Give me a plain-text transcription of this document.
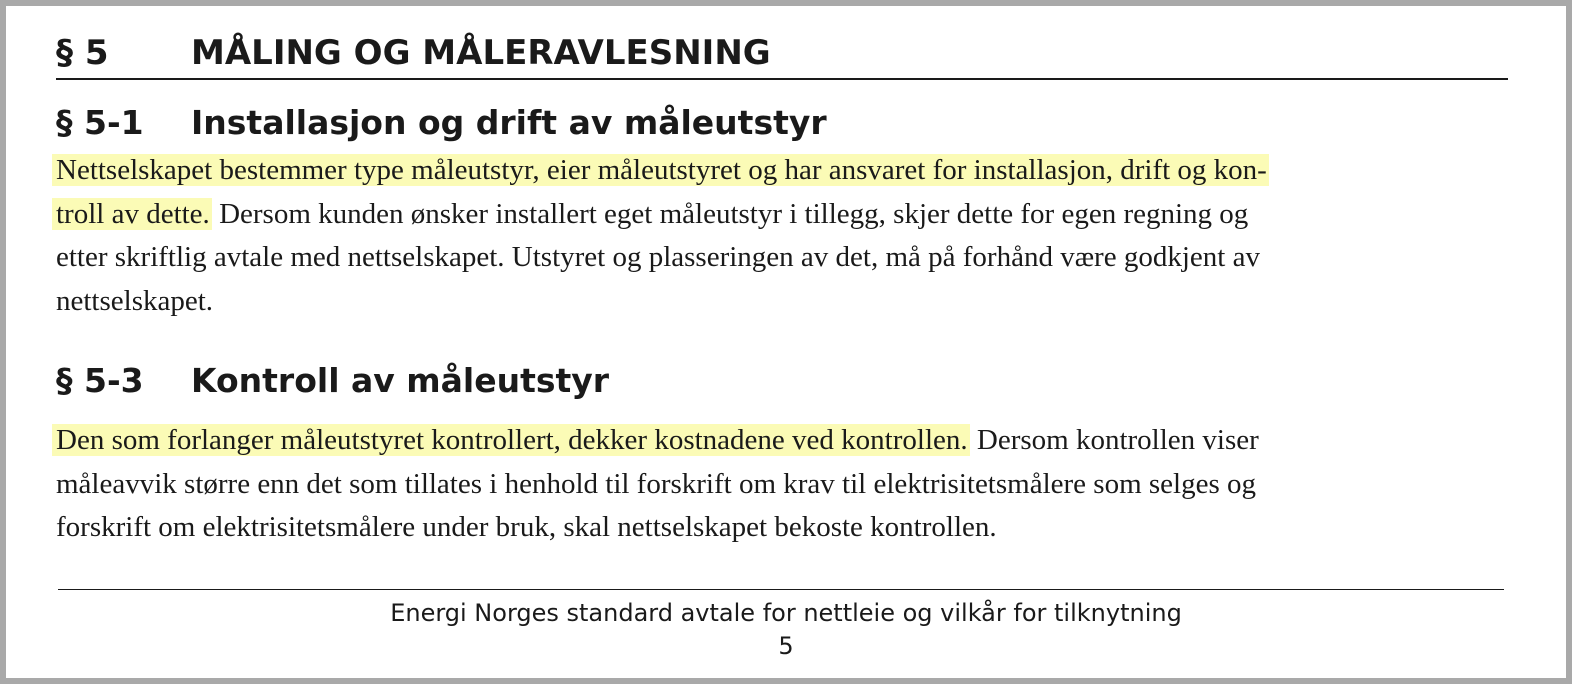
§ 5 MÅLING OG MÅLERAVLESNING
§ 5-1 Installasjon og drift av måleutstyr

Nettselskapet bestemmer type måleutstyr, eier måleutstyret og har ansvaret for installasjon, drift og kon-
troll av dette. Dersom kunden ønsker installert eget måleutstyr i tillegg, skjer dette for egen regning og
etter skriftlig avtale med nettselskapet. Utstyret og plasseringen av det, må på forhånd være godkjent av
nettselskapet.

§ 5-3 Kontroll av måleutstyr

Den som forlanger måleutstyret kontrollert, dekker kostnadene ved kontrollen. Dersom kontrollen viser
måleavvik større enn det som tillates i henhold til forskrift om krav til elektrisitetsmålere som selges og
forskrift om elektrisitetsmålere under bruk, skal nettselskapet bekoste kontrollen.

Energi Norges standard avtale for nettleie og vilkår for tilknytning

5
